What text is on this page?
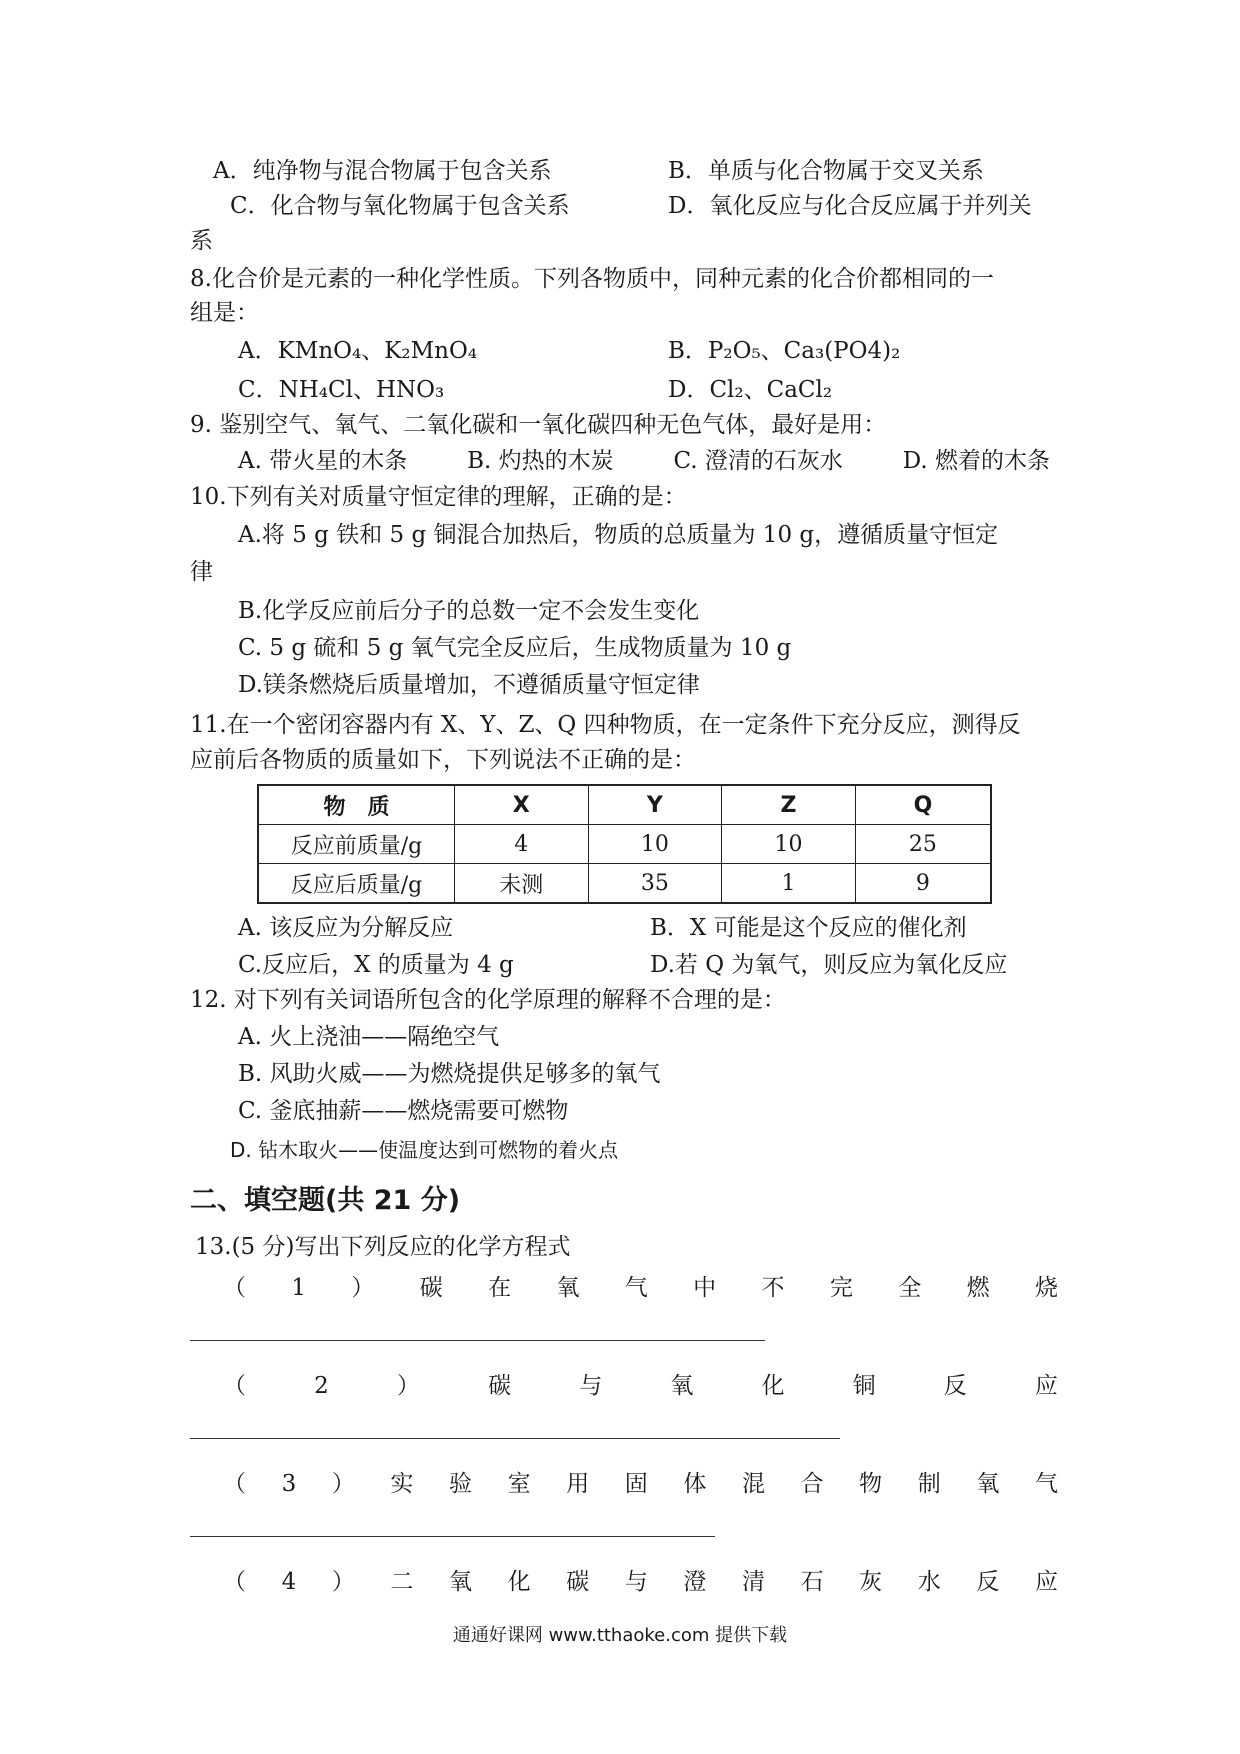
A．纯净物与混合物属于包含关系	B．单质与化合物属于交叉关系
C．化合物与氧化物属于包含关系	D．氧化反应与化合反应属于并列关
系
8.化合价是元素的一种化学性质。下列各物质中，同种元素的化合价都相同的一
组是：
A．KMnO₄、K₂MnO₄	B．P₂O₅、Ca₃(PO4)₂
C．NH₄Cl、HNO₃	D．Cl₂、CaCl₂
9. 鉴别空气、氧气、二氧化碳和一氧化碳四种无色气体，最好是用：
A. 带火星的木条	B. 灼热的木炭	C. 澄清的石灰水	D. 燃着的木条
10.下列有关对质量守恒定律的理解，正确的是：
A.将 5 g 铁和 5 g 铜混合加热后，物质的总质量为 10 g，遵循质量守恒定
律
B.化学反应前后分子的总数一定不会发生变化
C. 5 g 硫和 5 g 氧气完全反应后，生成物质量为 10 g
D.镁条燃烧后质量增加，不遵循质量守恒定律
11.在一个密闭容器内有 X、Y、Z、Q 四种物质，在一定条件下充分反应，测得反
应前后各物质的质量如下，下列说法不正确的是：
物　质	X	Y	Z	Q
反应前质量/g	4	10	10	25
反应后质量/g	未测	35	1	9
A. 该反应为分解反应	B．X 可能是这个反应的催化剂
C.反应后，X 的质量为 4 g	D.若 Q 为氧气，则反应为氧化反应
12. 对下列有关词语所包含的化学原理的解释不合理的是：
A. 火上浇油——隔绝空气
B. 风助火威——为燃烧提供足够多的氧气
C. 釜底抽薪——燃烧需要可燃物
D. 钻木取火——使温度达到可燃物的着火点
二、填空题(共 21 分)
13.(5 分)写出下列反应的化学方程式
（ 1 ） 碳 在 氧 气 中 不 完 全 燃 烧
（	2	）	碳	与	氧	化	铜	反	应
（ 3 ） 实 验 室 用 固 体 混 合 物 制 氧 气
（ 4 ） 二 氧 化 碳 与 澄 清 石 灰 水 反 应
通通好课网 www.tthaoke.com 提供下载
